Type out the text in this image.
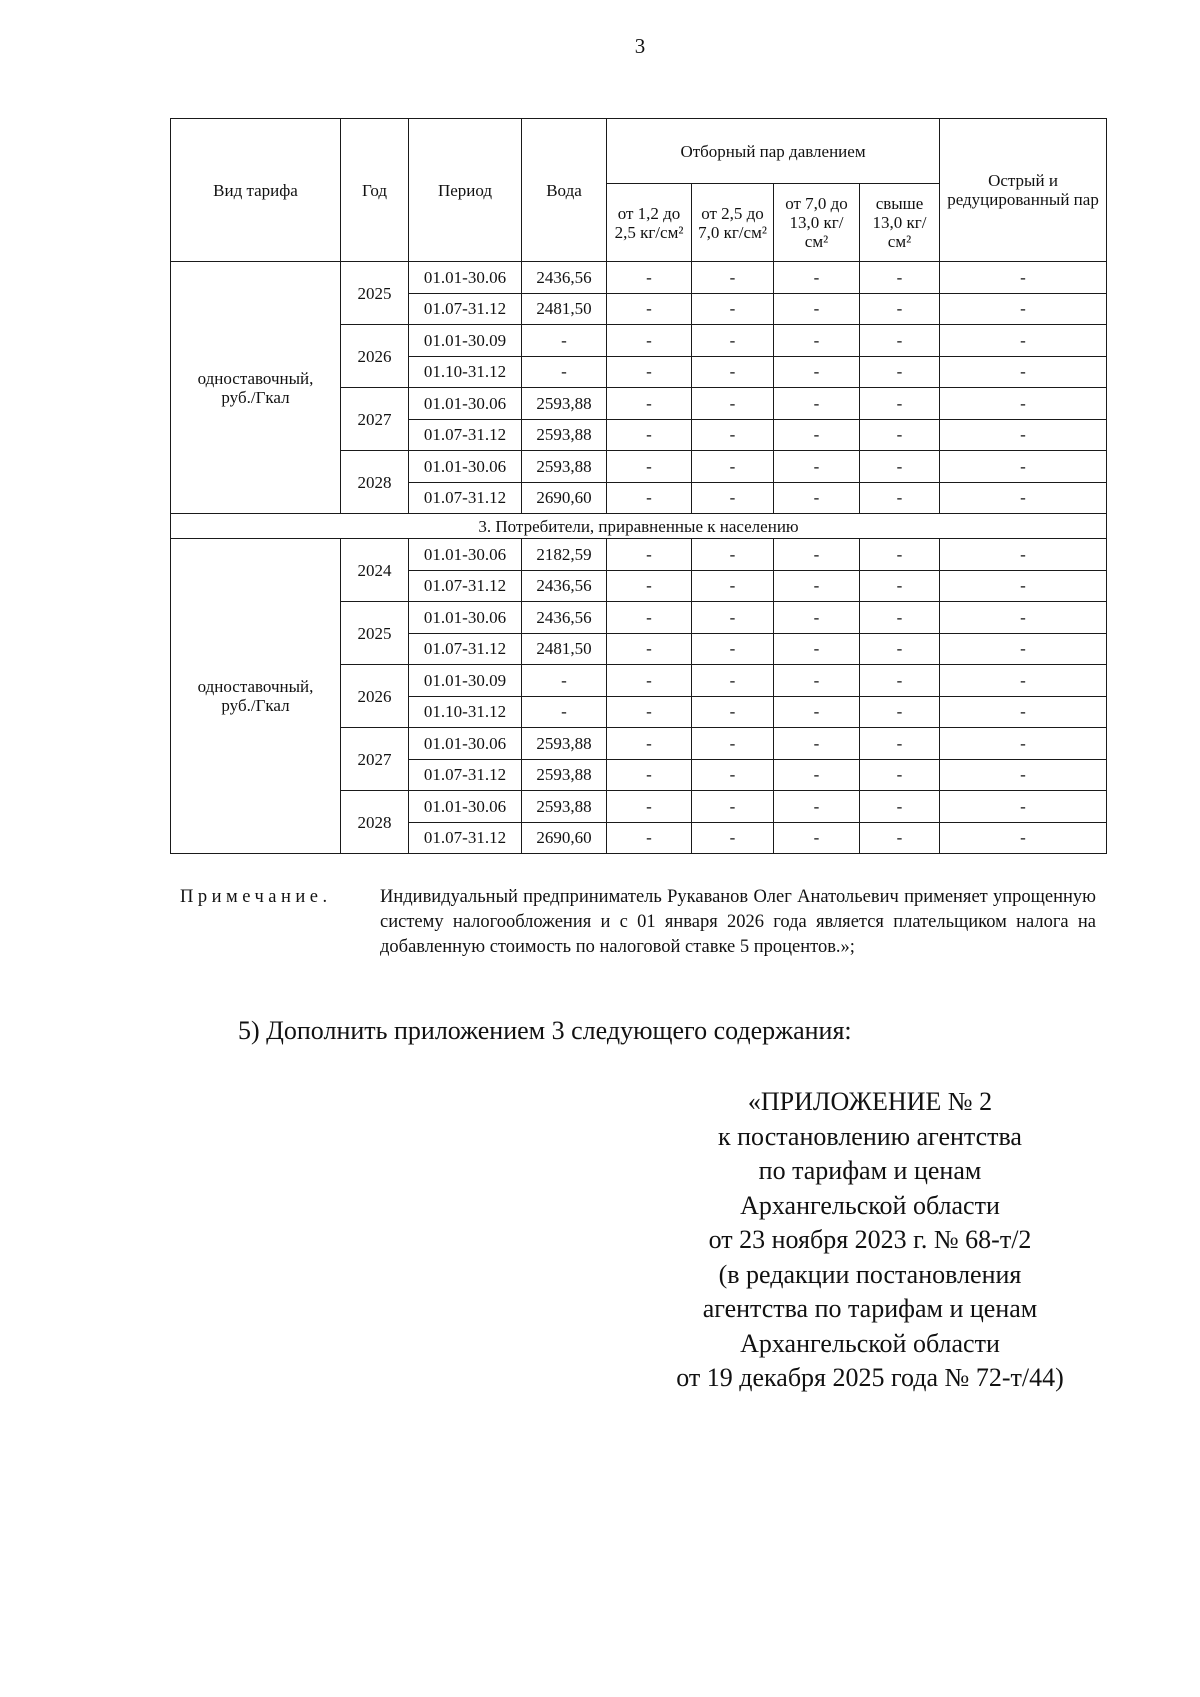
3
Вид тарифа	Год	Период	Вода	Отборный пар давлением				Острый и редуцированный пар
				от 1,2 до 2,5 кг/см²	от 2,5 до 7,0 кг/см²	от 7,0 до 13,0 кг/см²	свыше 13,0 кг/см²	
одноставочный, руб./Гкал	2025	01.01-30.06	2436,56	-	-	-	-	-
		01.07-31.12	2481,50	-	-	-	-	-
	2026	01.01-30.09	-	-	-	-	-	-
		01.10-31.12	-	-	-	-	-	-
	2027	01.01-30.06	2593,88	-	-	-	-	-
		01.07-31.12	2593,88	-	-	-	-	-
	2028	01.01-30.06	2593,88	-	-	-	-	-
		01.07-31.12	2690,60	-	-	-	-	-
3. Потребители, приравненные к населению								
одноставочный, руб./Гкал	2024	01.01-30.06	2182,59	-	-	-	-	-
		01.07-31.12	2436,56	-	-	-	-	-
	2025	01.01-30.06	2436,56	-	-	-	-	-
		01.07-31.12	2481,50	-	-	-	-	-
	2026	01.01-30.09	-	-	-	-	-	-
		01.10-31.12	-	-	-	-	-	-
	2027	01.01-30.06	2593,88	-	-	-	-	-
		01.07-31.12	2593,88	-	-	-	-	-
	2028	01.01-30.06	2593,88	-	-	-	-	-
		01.07-31.12	2690,60	-	-	-	-	-
Примечание.	Индивидуальный предприниматель Рукаванов Олег Анатольевич применяет упрощенную систему налогообложения и с 01 января 2026 года является плательщиком налога на добавленную стоимость по налоговой ставке 5 процентов.»;
5) Дополнить приложением 3 следующего содержания:
«ПРИЛОЖЕНИЕ № 2
к постановлению агентства
по тарифам и ценам
Архангельской области
от 23 ноября 2023 г. № 68-т/2
(в редакции постановления
агентства по тарифам и ценам
Архангельской области
от 19 декабря 2025 года № 72-т/44)
